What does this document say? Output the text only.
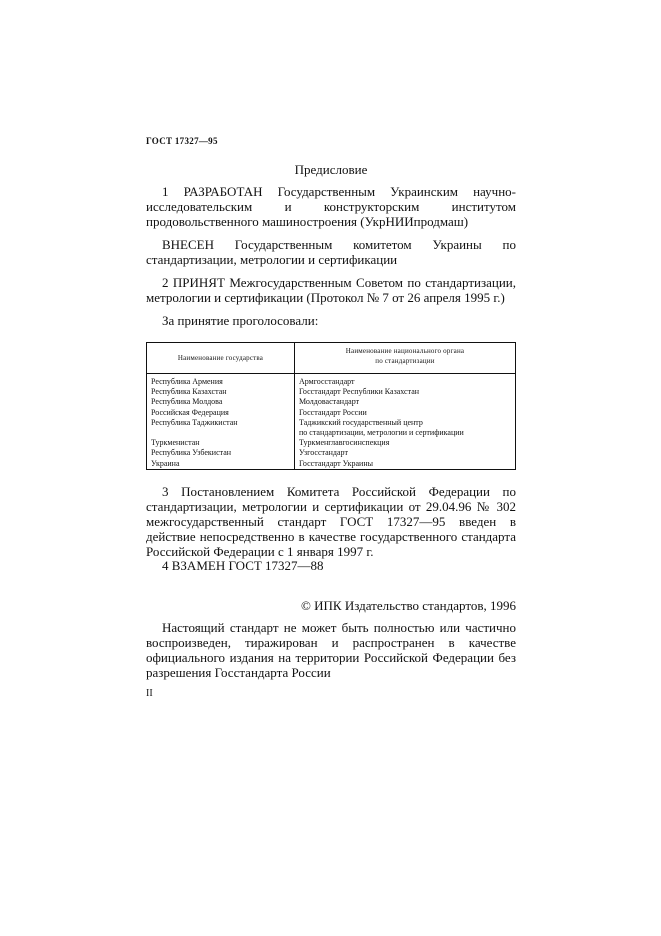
ГОСТ 17327—95
Предисловие
1 РАЗРАБОТАН Государственным Украинским научно-исследовательским и конструкторским институтом продовольственного машиностроения (УкрНИИпродмаш)
ВНЕСЕН Государственным комитетом Украины по стандартизации, метрологии и сертификации
2 ПРИНЯТ Межгосударственным Советом по стандартизации, метрологии и сертификации (Протокол № 7 от 26 апреля 1995 г.)
За принятие проголосовали:
Наименование государства
Наименование национального органа
по стандартизации
Республика Армения
Республика Казахстан
Республика Молдова
Российская Федерация
Республика Таджикистан
Туркменистан
Республика Узбекистан
Украина
Армгосстандарт
Госстандарт Республики Казахстан
Молдовастандарт
Госстандарт России
Таджикский государственный центр
по стандартизации, метрологии и сертификации
Туркменглавгосинспекция
Узгосстандарт
Госстандарт Украины
3 Постановлением Комитета Российской Федерации по стандартизации, метрологии и сертификации от 29.04.96 № 302 межгосударственный стандарт ГОСТ 17327—95 введен в действие непосредственно в качестве государственного стандарта Российской Федерации с 1 января 1997 г.
4 ВЗАМЕН ГОСТ 17327—88
© ИПК Издательство стандартов, 1996
Настоящий стандарт не может быть полностью или частично воспроизведен, тиражирован и распространен в качестве официального издания на территории Российской Федерации без разрешения Госстандарта России
II
